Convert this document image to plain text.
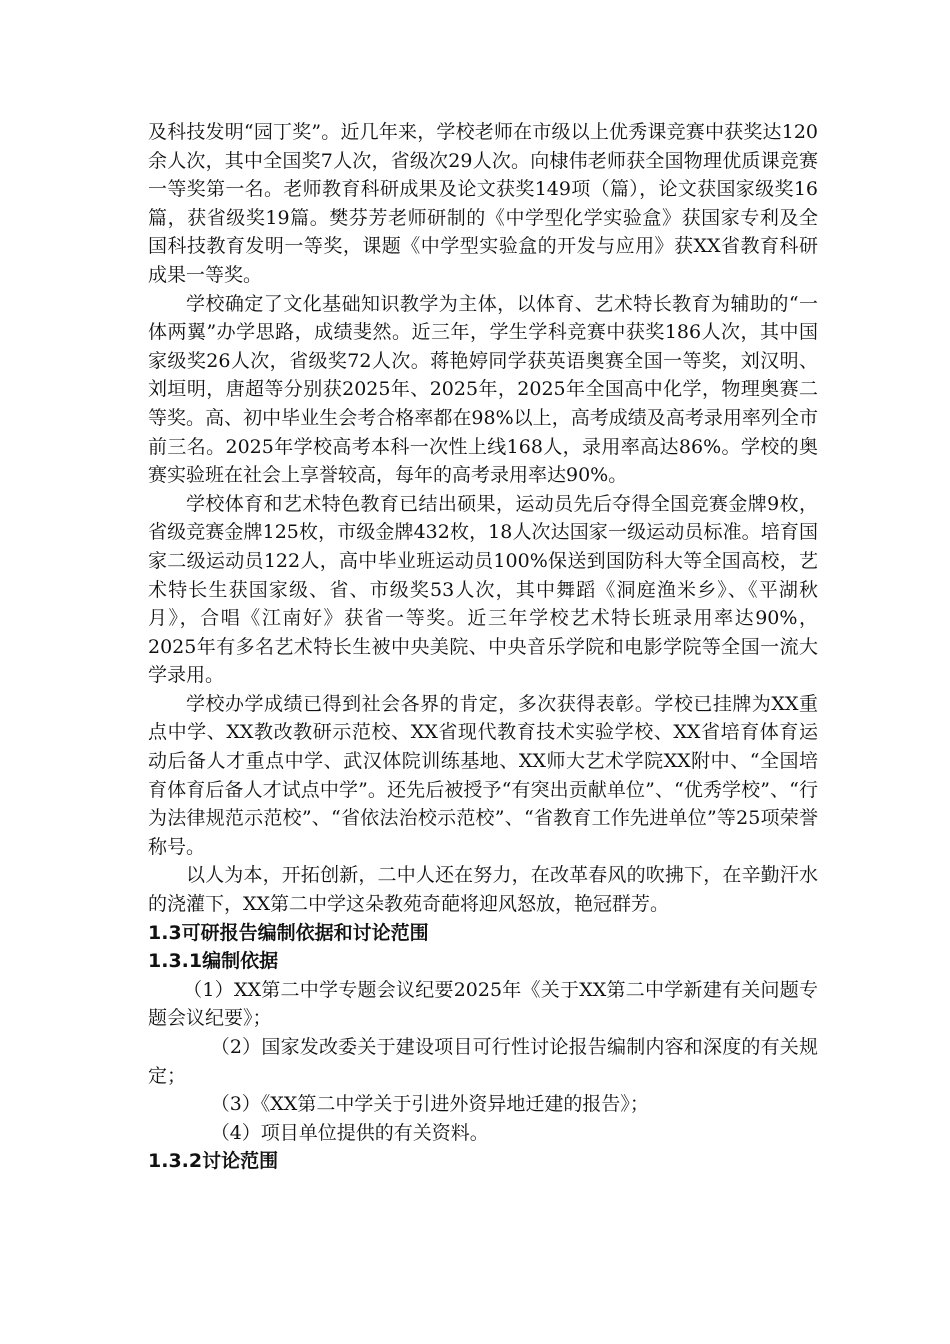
及科技发明“园丁奖”。近几年来，学校老师在市级以上优秀课竞赛中获奖达120余人次，其中全国奖7人次，省级次29人次。向棣伟老师获全国物理优质课竞赛一等奖第一名。老师教育科研成果及论文获奖149项（篇），论文获国家级奖16篇，获省级奖19篇。樊芬芳老师研制的《中学型化学实验盒》获国家专利及全国科技教育发明一等奖，课题《中学型实验盒的开发与应用》获XX省教育科研成果一等奖。

学校确定了文化基础知识教学为主体，以体育、艺术特长教育为辅助的“一体两翼”办学思路，成绩斐然。近三年，学生学科竞赛中获奖186人次，其中国家级奖26人次，省级奖72人次。蒋艳婷同学获英语奥赛全国一等奖，刘汉明、刘垣明，唐超等分别获2025年、2025年，2025年全国高中化学，物理奥赛二等奖。高、初中毕业生会考合格率都在98%以上，高考成绩及高考录用率列全市前三名。2025年学校高考本科一次性上线168人，录用率高达86%。学校的奥赛实验班在社会上享誉较高，每年的高考录用率达90%。

学校体育和艺术特色教育已结出硕果，运动员先后夺得全国竞赛金牌9枚，省级竞赛金牌125枚，市级金牌432枚，18人次达国家一级运动员标准。培育国家二级运动员122人，高中毕业班运动员100%保送到国防科大等全国高校，艺术特长生获国家级、省、市级奖53人次，其中舞蹈《洞庭渔米乡》、《平湖秋月》，合唱《江南好》获省一等奖。近三年学校艺术特长班录用率达90%，2025年有多名艺术特长生被中央美院、中央音乐学院和电影学院等全国一流大学录用。

学校办学成绩已得到社会各界的肯定，多次获得表彰。学校已挂牌为XX重点中学、XX教改教研示范校、XX省现代教育技术实验学校、XX省培育体育运动后备人才重点中学、武汉体院训练基地、XX师大艺术学院XX附中、“全国培育体育后备人才试点中学”。还先后被授予“有突出贡献单位”、“优秀学校”、“行为法律规范示范校”、“省依法治校示范校”、“省教育工作先进单位”等25项荣誉称号。

以人为本，开拓创新，二中人还在努力，在改革春风的吹拂下，在辛勤汗水的浇灌下，XX第二中学这朵教苑奇葩将迎风怒放，艳冠群芳。

1.3可研报告编制依据和讨论范围
1.3.1编制依据

（1）XX第二中学专题会议纪要2025年《关于XX第二中学新建有关问题专题会议纪要》；

（2）国家发改委关于建设项目可行性讨论报告编制内容和深度的有关规定；

（3）《XX第二中学关于引进外资异地迁建的报告》；

（4）项目单位提供的有关资料。

1.3.2讨论范围
